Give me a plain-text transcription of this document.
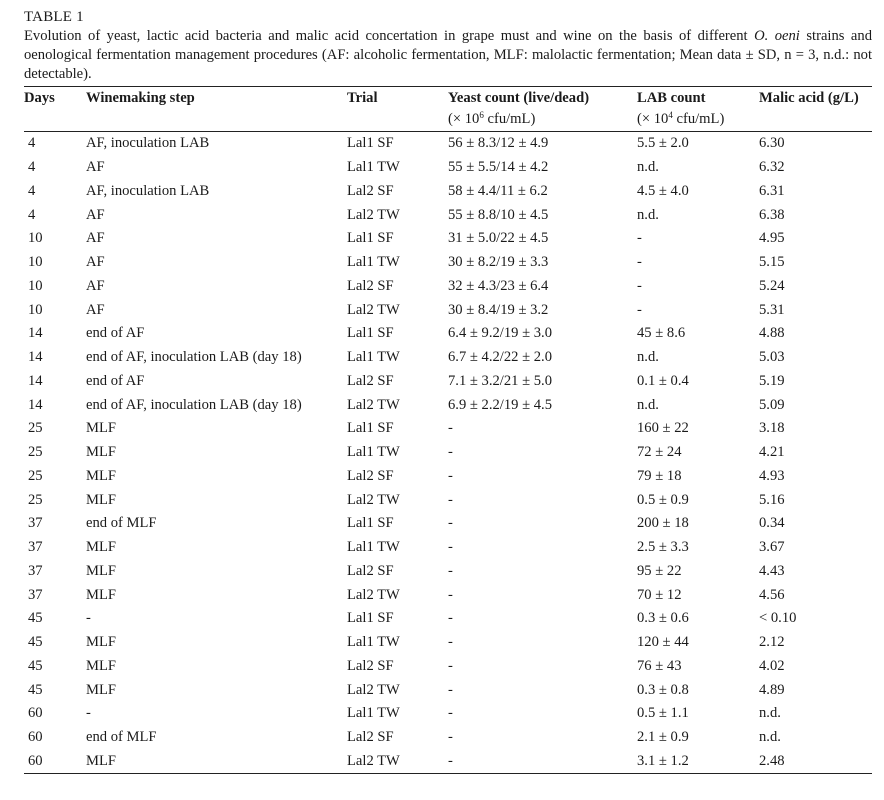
TABLE 1
Evolution of yeast, lactic acid bacteria and malic acid concertation in grape must and wine on the basis of different O. oeni strains and oenological fermentation management procedures (AF: alcoholic fermentation, MLF: malolactic fermentation; Mean data ± SD, n = 3, n.d.: not detectable).
Days	Winemaking step	Trial	Yeast count (live/dead)	LAB count	Malic acid (g/L)
			(× $10^6$ cfu/mL)	(× $10^4$ cfu/mL)	
4	AF, inoculation LAB	Lal1 SF	56 ± 8.3/12 ± 4.9	5.5 ± 2.0	6.30
4	AF	Lal1 TW	55 ± 5.5/14 ± 4.2	n.d.	6.32
4	AF, inoculation LAB	Lal2 SF	58 ± 4.4/11 ± 6.2	4.5 ± 4.0	6.31
4	AF	Lal2 TW	55 ± 8.8/10 ± 4.5	n.d.	6.38
10	AF	Lal1 SF	31 ± 5.0/22 ± 4.5	-	4.95
10	AF	Lal1 TW	30 ± 8.2/19 ± 3.3	-	5.15
10	AF	Lal2 SF	32 ± 4.3/23 ± 6.4	-	5.24
10	AF	Lal2 TW	30 ± 8.4/19 ± 3.2	-	5.31
14	end of AF	Lal1 SF	6.4 ± 9.2/19 ± 3.0	45 ± 8.6	4.88
14	end of AF, inoculation LAB (day 18)	Lal1 TW	6.7 ± 4.2/22 ± 2.0	n.d.	5.03
14	end of AF	Lal2 SF	7.1 ± 3.2/21 ± 5.0	0.1 ± 0.4	5.19
14	end of AF, inoculation LAB (day 18)	Lal2 TW	6.9 ± 2.2/19 ± 4.5	n.d.	5.09
25	MLF	Lal1 SF	-	160 ± 22	3.18
25	MLF	Lal1 TW	-	72 ± 24	4.21
25	MLF	Lal2 SF	-	79 ± 18	4.93
25	MLF	Lal2 TW	-	0.5 ± 0.9	5.16
37	end of MLF	Lal1 SF	-	200 ± 18	0.34
37	MLF	Lal1 TW	-	2.5 ± 3.3	3.67
37	MLF	Lal2 SF	-	95 ± 22	4.43
37	MLF	Lal2 TW	-	70 ± 12	4.56
45	-	Lal1 SF	-	0.3 ± 0.6	< 0.10
45	MLF	Lal1 TW	-	120 ± 44	2.12
45	MLF	Lal2 SF	-	76 ± 43	4.02
45	MLF	Lal2 TW	-	0.3 ± 0.8	4.89
60	-	Lal1 TW	-	0.5 ± 1.1	n.d.
60	end of MLF	Lal2 SF	-	2.1 ± 0.9	n.d.
60	MLF	Lal2 TW	-	3.1 ± 1.2	2.48
